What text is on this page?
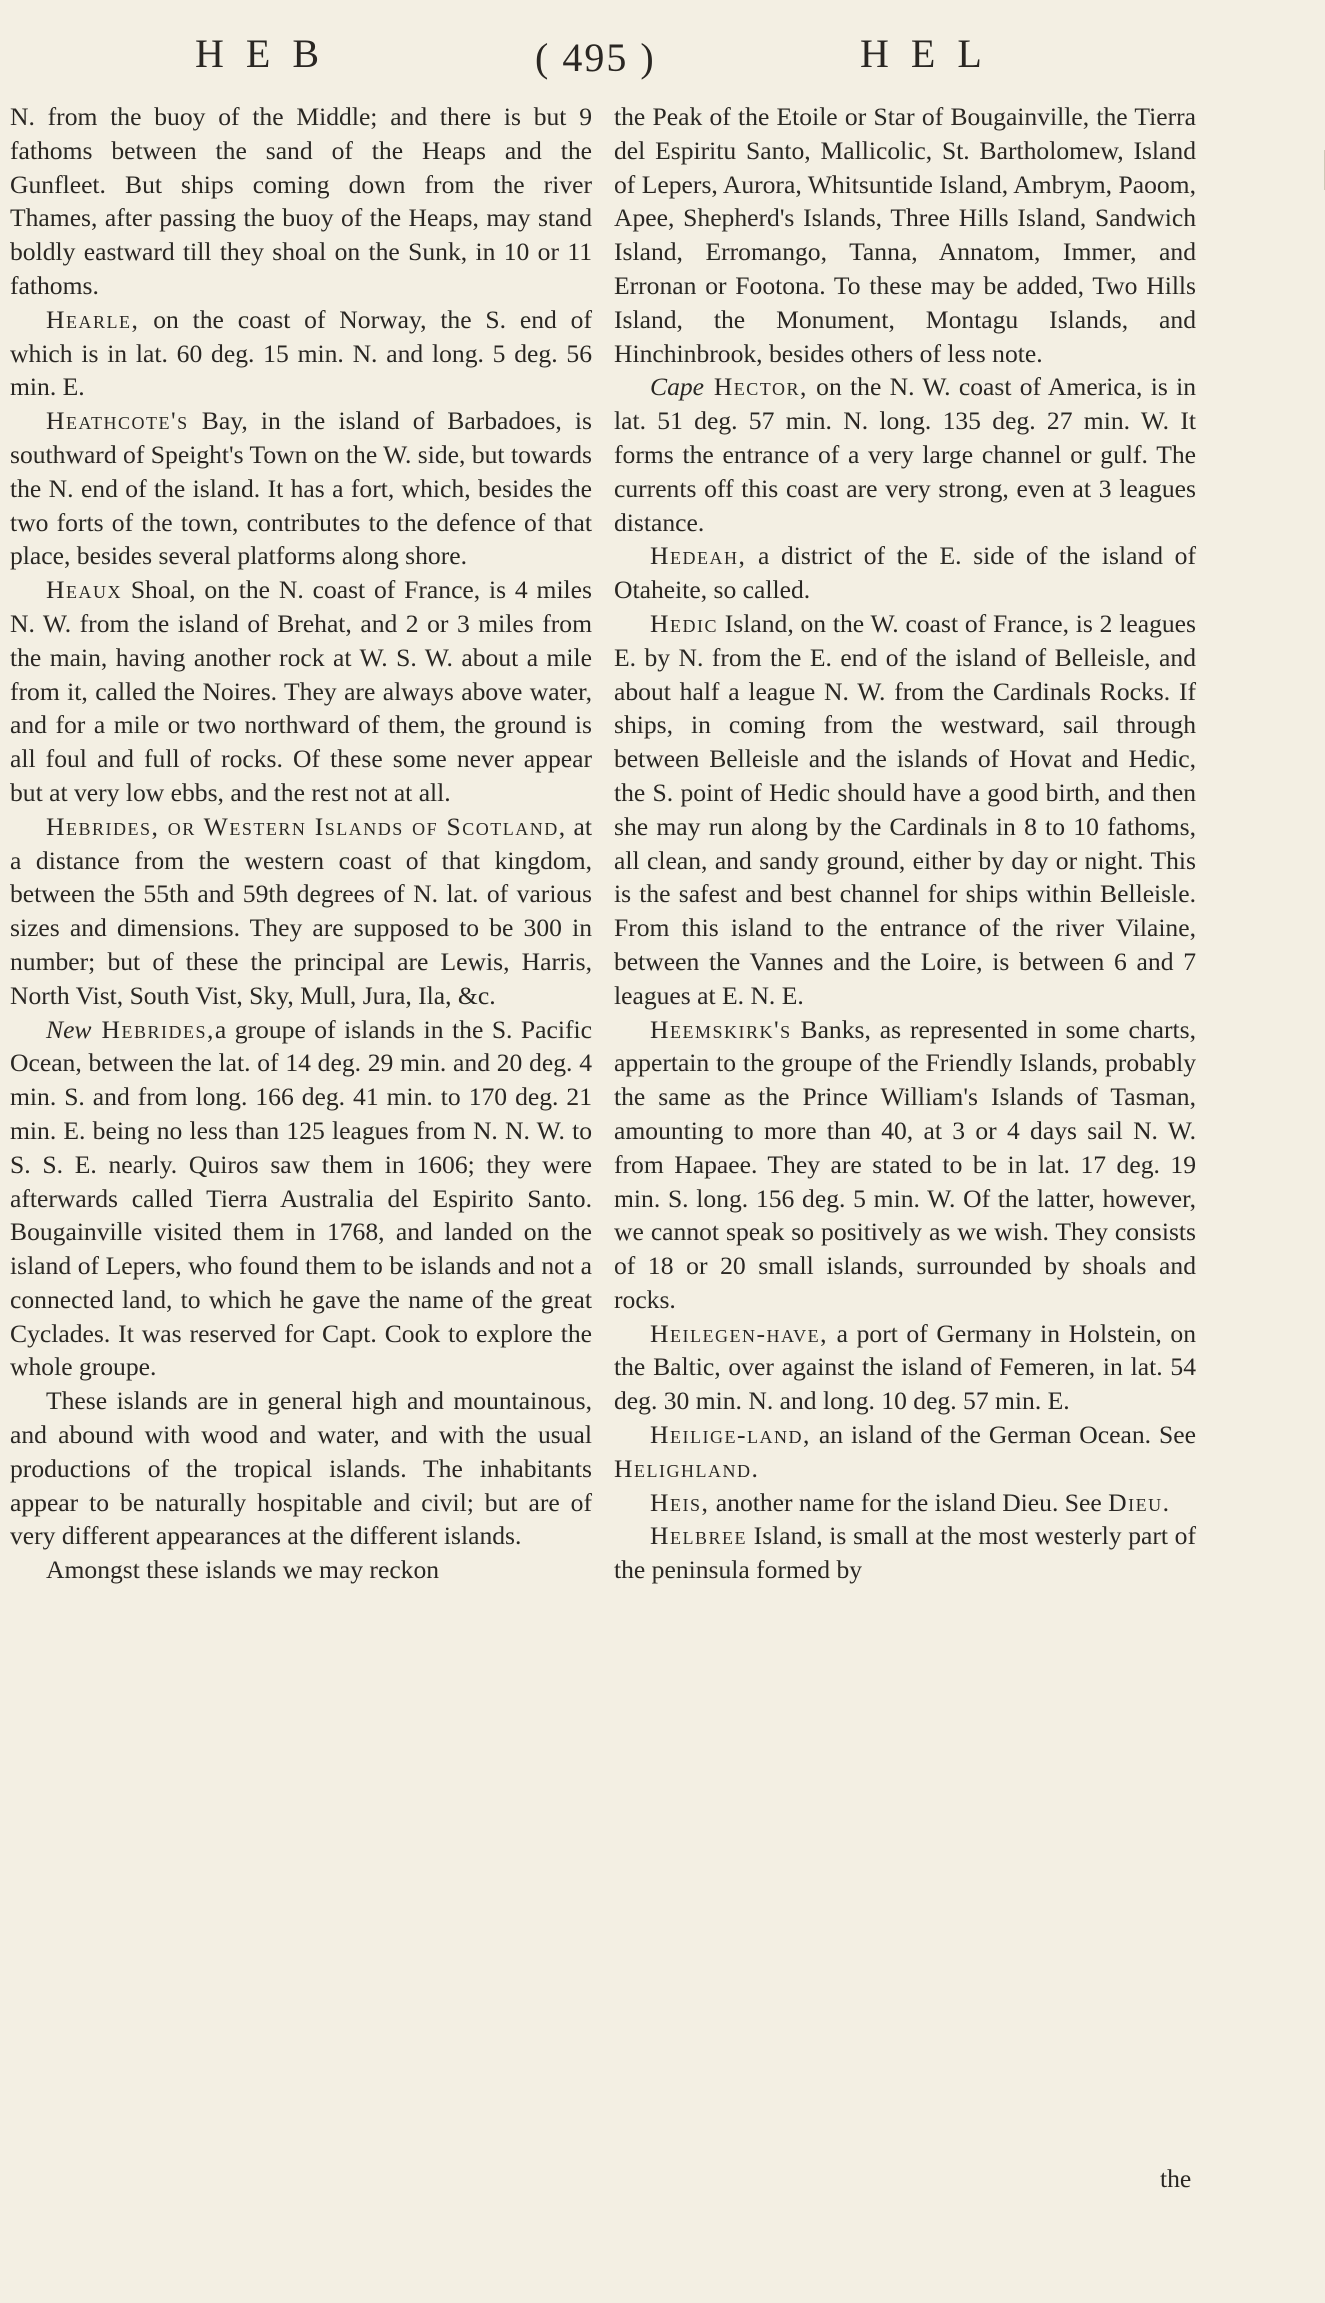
H E B	( 495 )	H E L

N. from the buoy of the Middle; and there is but 9 fathoms between the sand of the Heaps and the Gunfleet. But ships coming down from the river Thames, after passing the buoy of the Heaps, may stand boldly eastward till they shoal on the Sunk, in 10 or 11 fathoms.

Hearle, on the coast of Norway, the S. end of which is in lat. 60 deg. 15 min. N. and long. 5 deg. 56 min. E.

Heathcote's Bay, in the island of Barbadoes, is southward of Speight's Town on the W. side, but towards the N. end of the island. It has a fort, which, besides the two forts of the town, contributes to the defence of that place, besides several platforms along shore.

Heaux Shoal, on the N. coast of France, is 4 miles N. W. from the island of Brehat, and 2 or 3 miles from the main, having another rock at W. S. W. about a mile from it, called the Noires. They are always above water, and for a mile or two northward of them, the ground is all foul and full of rocks. Of these some never appear but at very low ebbs, and the rest not at all.

Hebrides, or Western Islands of Scotland, at a distance from the western coast of that kingdom, between the 55th and 59th degrees of N. lat. of various sizes and dimensions. They are supposed to be 300 in number; but of these the principal are Lewis, Harris, North Vist, South Vist, Sky, Mull, Jura, Ila, &c.

New Hebrides,a groupe of islands in the S. Pacific Ocean, between the lat. of 14 deg. 29 min. and 20 deg. 4 min. S. and from long. 166 deg. 41 min. to 170 deg. 21 min. E. being no less than 125 leagues from N. N. W. to S. S. E. nearly. Quiros saw them in 1606; they were afterwards called Tierra Australia del Espirito Santo. Bougainville visited them in 1768, and landed on the island of Lepers, who found them to be islands and not a connected land, to which he gave the name of the great Cyclades. It was reserved for Capt. Cook to explore the whole groupe.

These islands are in general high and mountainous, and abound with wood and water, and with the usual productions of the tropical islands. The inhabitants appear to be naturally hospitable and civil; but are of very different appearances at the different islands.

Amongst these islands we may reckon

the Peak of the Etoile or Star of Bougainville, the Tierra del Espiritu Santo, Mallicolic, St. Bartholomew, Island of Lepers, Aurora, Whitsuntide Island, Ambrym, Paoom, Apee, Shepherd's Islands, Three Hills Island, Sandwich Island, Erromango, Tanna, Annatom, Immer, and Erronan or Footona. To these may be added, Two Hills Island, the Monument, Montagu Islands, and Hinchinbrook, besides others of less note.

Cape Hector, on the N. W. coast of America, is in lat. 51 deg. 57 min. N. long. 135 deg. 27 min. W. It forms the entrance of a very large channel or gulf. The currents off this coast are very strong, even at 3 leagues distance.

Hedeah, a district of the E. side of the island of Otaheite, so called.

Hedic Island, on the W. coast of France, is 2 leagues E. by N. from the E. end of the island of Belleisle, and about half a league N. W. from the Cardinals Rocks. If ships, in coming from the westward, sail through between Belleisle and the islands of Hovat and Hedic, the S. point of Hedic should have a good birth, and then she may run along by the Cardinals in 8 to 10 fathoms, all clean, and sandy ground, either by day or night. This is the safest and best channel for ships within Belleisle. From this island to the entrance of the river Vilaine, between the Vannes and the Loire, is between 6 and 7 leagues at E. N. E.

Heemskirk's Banks, as represented in some charts, appertain to the groupe of the Friendly Islands, probably the same as the Prince William's Islands of Tasman, amounting to more than 40, at 3 or 4 days sail N. W. from Hapaee. They are stated to be in lat. 17 deg. 19 min. S. long. 156 deg. 5 min. W. Of the latter, however, we cannot speak so positively as we wish. They consists of 18 or 20 small islands, surrounded by shoals and rocks.

Heilegen-have, a port of Germany in Holstein, on the Baltic, over against the island of Femeren, in lat. 54 deg. 30 min. N. and long. 10 deg. 57 min. E.

Heilige-land, an island of the German Ocean. See Helighland.

Heis, another name for the island Dieu. See Dieu.

Helbree Island, is small at the most westerly part of the peninsula formed by

the
